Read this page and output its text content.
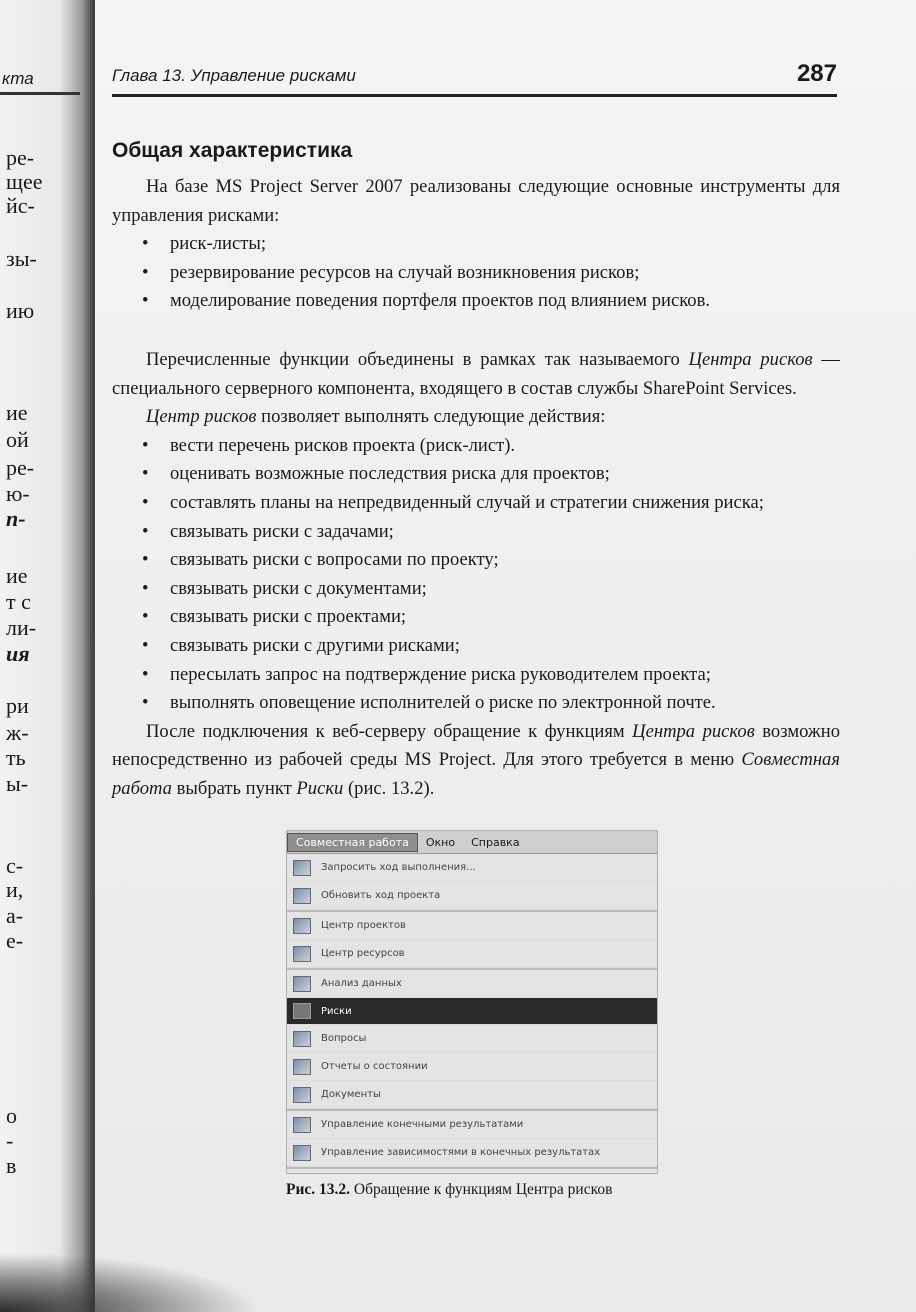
кта
ре-
щее
йс-
зы-
ию
ие
ой
ре-
ю-
п-
ие
т с
ли-
ия
ри
ж-
ть
ы-
с-
и,
а-
е-
о
-
в
Глава 13. Управление рисками	287
Общая характеристика

На базе MS Project Server 2007 реализованы следующие основные инструменты для управления рисками:

• риск-листы;
• резервирование ресурсов на случай возникновения рисков;
• моделирование поведения портфеля проектов под влиянием рисков.

Перечисленные функции объединены в рамках так называемого Центра рисков — специального серверного компонента, входящего в состав службы SharePoint Services.

Центр рисков позволяет выполнять следующие действия:

• вести перечень рисков проекта (риск-лист).
• оценивать возможные последствия риска для проектов;
• составлять планы на непредвиденный случай и стратегии снижения риска;
• связывать риски с задачами;
• связывать риски с вопросами по проекту;
• связывать риски с документами;
• связывать риски с проектами;
• связывать риски с другими рисками;
• пересылать запрос на подтверждение риска руководителем проекта;
• выполнять оповещение исполнителей о риске по электронной почте.

После подключения к веб-серверу обращение к функциям Центра рисков возможно непосредственно из рабочей среды MS Project. Для этого требуется в меню Совместная работа выбрать пункт Риски (рис. 13.2).

Совместная работа	Окно	Справка
Запросить ход выполнения...
Обновить ход проекта
Центр проектов
Центр ресурсов
Анализ данных
Риски
Вопросы
Отчеты о состоянии
Документы
Управление конечными результатами
Управление зависимостями в конечных результатах
Рис. 13.2. Обращение к функциям Центра рисков
